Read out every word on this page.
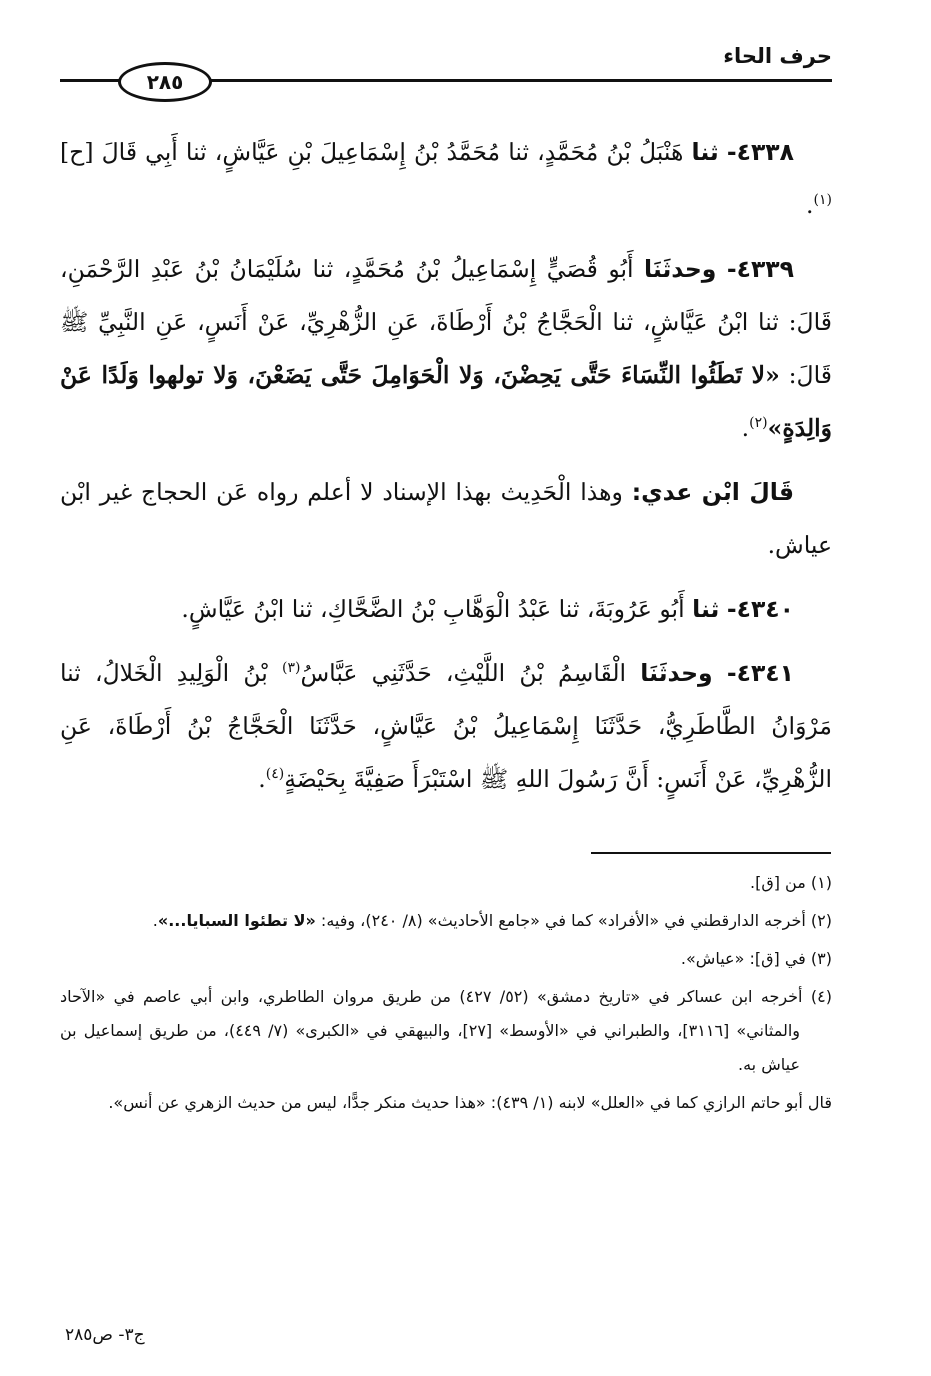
حرف الحاء
٢٨٥

٤٣٣٨- ثنا هَنْبَلُ بْنُ مُحَمَّدٍ، ثنا مُحَمَّدُ بْنُ إِسْمَاعِيلَ بْنِ عَيَّاشٍ، ثنا أَبِي قَالَ [ح]$^{(١)}$.

٤٣٣٩- وحدثَنَا أَبُو قُصَيٍّ إِسْمَاعِيلُ بْنُ مُحَمَّدٍ، ثنا سُلَيْمَانُ بْنُ عَبْدِ الرَّحْمَنِ، قَالَ: ثنا ابْنُ عَيَّاشٍ، ثنا الْحَجَّاجُ بْنُ أَرْطَاةَ، عَنِ الزُّهْرِيِّ، عَنْ أَنَسٍ، عَنِ النَّبِيِّ ﷺ قَالَ: «لا تَطَئُوا النِّسَاءَ حَتَّى يَحِضْنَ، وَلا الْحَوَامِلَ حَتَّى يَضَعْنَ، وَلا تولهوا وَلَدًا عَنْ وَالِدَةٍ»$^{(٢)}$.

قَالَ ابْن عدي: وهذا الْحَدِيث بهذا الإسناد لا أعلم رواه عَن الحجاج غير ابْن عياش.

٤٣٤٠- ثنا أَبُو عَرُوبَةَ، ثنا عَبْدُ الْوَهَّابِ بْنُ الضَّحَّاكِ، ثنا ابْنُ عَيَّاشٍ.

٤٣٤١- وحدثَنَا الْقَاسِمُ بْنُ اللَّيْثِ، حَدَّثَنِي عَبَّاسُ$^{(٣)}$ بْنُ الْوَلِيدِ الْخَلالُ، ثنا مَرْوَانُ الطَّاطَرِيُّ، حَدَّثَنَا إِسْمَاعِيلُ بْنُ عَيَّاشٍ، حَدَّثَنَا الْحَجَّاجُ بْنُ أَرْطَاةَ، عَنِ الزُّهْرِيِّ، عَنْ أَنَسٍ: أَنَّ رَسُولَ اللهِ ﷺ اسْتَبْرَأَ صَفِيَّةَ بِحَيْضَةٍ$^{(٤)}$.

(١) من [ق].

(٢) أخرجه الدارقطني في «الأفراد» كما في «جامع الأحاديث» (٨/ ٢٤٠)، وفيه: «لا تطئوا السبايا...».

(٣) في [ق]: «عياش».

(٤) أخرجه ابن عساكر في «تاريخ دمشق» (٥٢/ ٤٢٧) من طريق مروان الطاطري، وابن أبي عاصم في «الآحاد والمثاني» [٣١١٦]، والطبراني في «الأوسط» [٢٧]، والبيهقي في «الكبرى» (٧/ ٤٤٩)، من طريق إسماعيل بن عياش به.

قال أبو حاتم الرازي كما في «العلل» لابنه (١/ ٤٣٩): «هذا حديث منكر جدًّا، ليس من حديث الزهري عن أنس».

ج٣- ص٢٨٥
